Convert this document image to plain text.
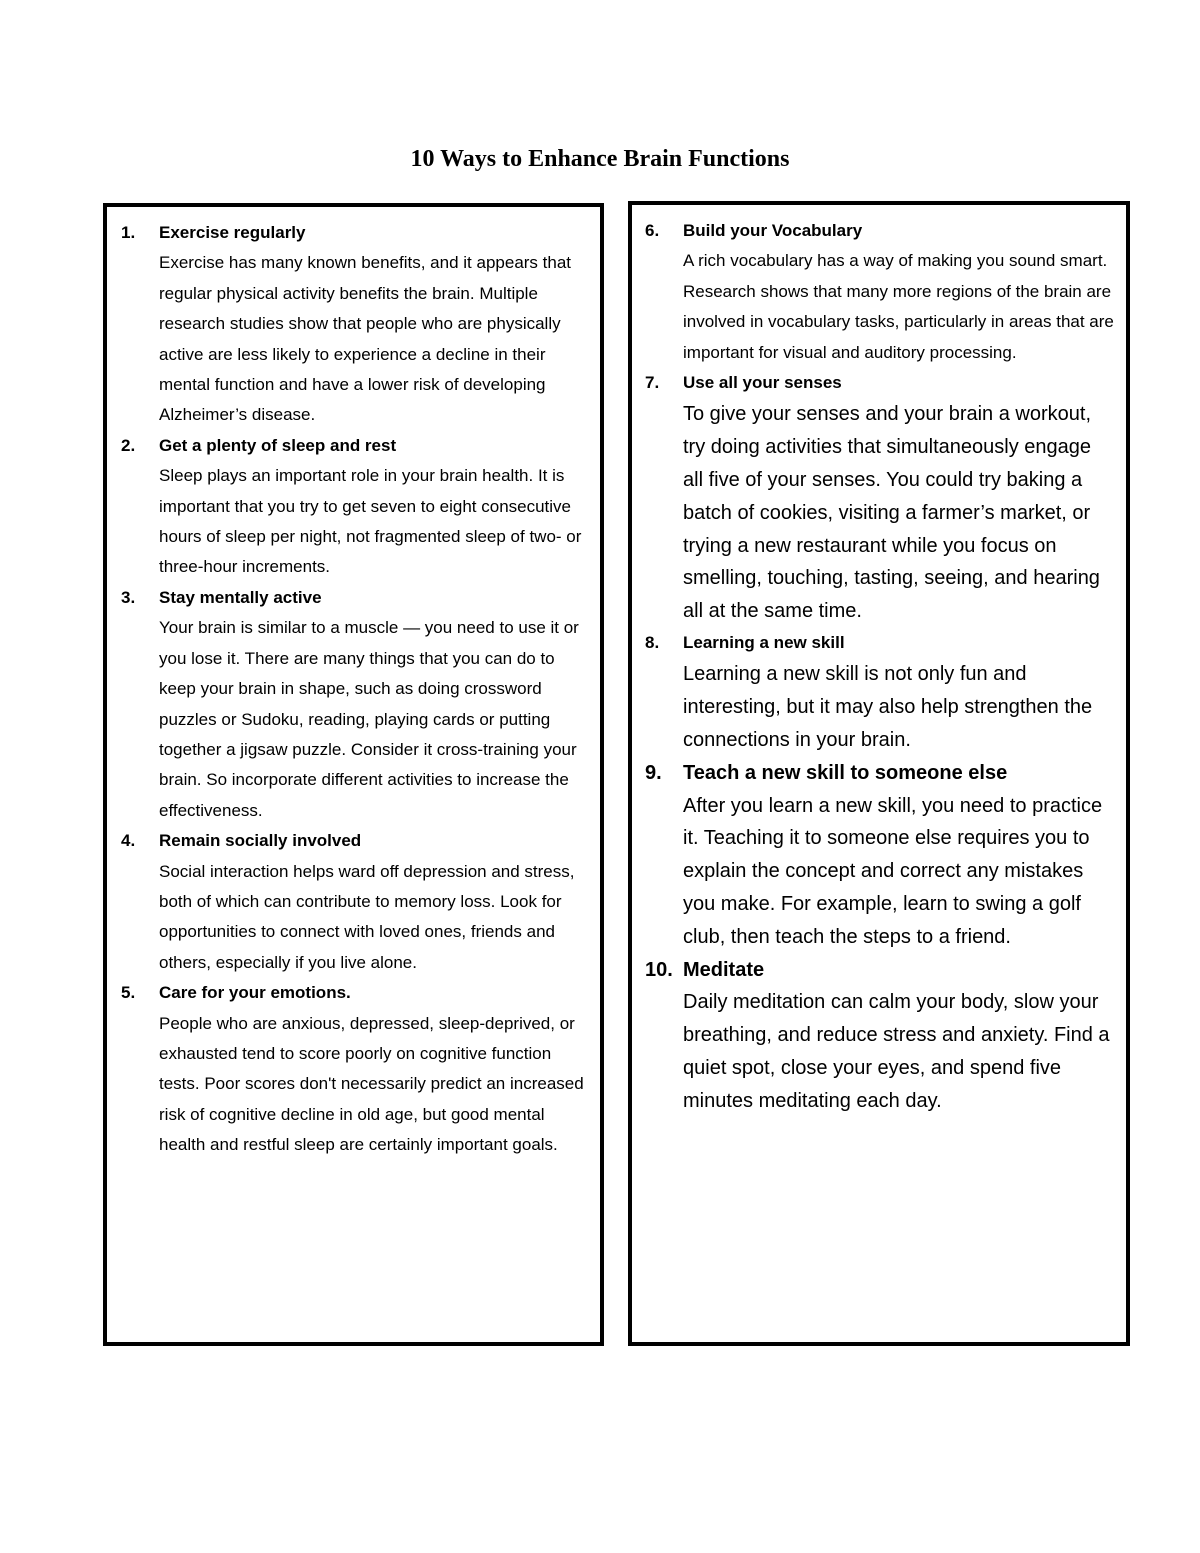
10 Ways to Enhance Brain Functions
1. Exercise regularly
Exercise has many known benefits, and it appears that regular physical activity benefits the brain. Multiple research studies show that people who are physically active are less likely to experience a decline in their mental function and have a lower risk of developing Alzheimer’s disease.
2. Get a plenty of sleep and rest
Sleep plays an important role in your brain health. It is important that you try to get seven to eight consecutive hours of sleep per night, not fragmented sleep of two- or three-hour increments.
3. Stay mentally active
Your brain is similar to a muscle — you need to use it or you lose it. There are many things that you can do to keep your brain in shape, such as doing crossword puzzles or Sudoku, reading, playing cards or putting together a jigsaw puzzle. Consider it cross-training your brain. So incorporate different activities to increase the effectiveness.
4. Remain socially involved
Social interaction helps ward off depression and stress, both of which can contribute to memory loss. Look for opportunities to connect with loved ones, friends and others, especially if you live alone.
5. Care for your emotions.
People who are anxious, depressed, sleep-deprived, or exhausted tend to score poorly on cognitive function tests. Poor scores don't necessarily predict an increased risk of cognitive decline in old age, but good mental health and restful sleep are certainly important goals.
6. Build your Vocabulary
A rich vocabulary has a way of making you sound smart. Research shows that many more regions of the brain are involved in vocabulary tasks, particularly in areas that are important for visual and auditory processing.
7. Use all your senses
To give your senses and your brain a workout, try doing activities that simultaneously engage all five of your senses. You could try baking a batch of cookies, visiting a farmer’s market, or trying a new restaurant while you focus on smelling, touching, tasting, seeing, and hearing all at the same time.
8. Learning a new skill
Learning a new skill is not only fun and interesting, but it may also help strengthen the connections in your brain.
9. Teach a new skill to someone else
After you learn a new skill, you need to practice it. Teaching it to someone else requires you to explain the concept and correct any mistakes you make. For example, learn to swing a golf club, then teach the steps to a friend.
10. Meditate
Daily meditation can calm your body, slow your breathing, and reduce stress and anxiety. Find a quiet spot, close your eyes, and spend five minutes meditating each day.
